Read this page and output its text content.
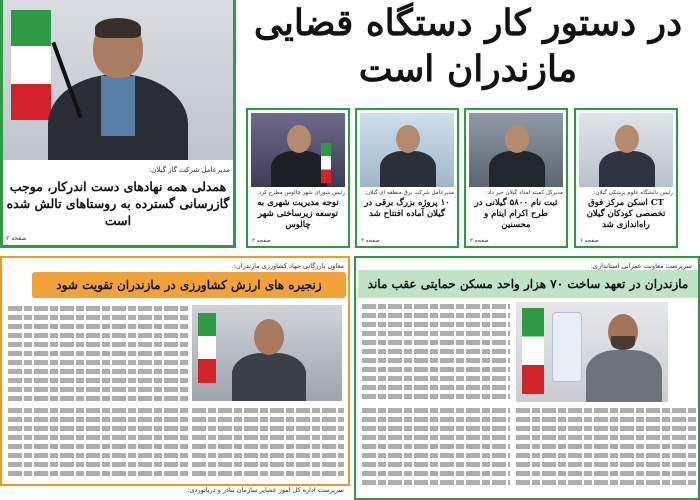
در دستور کار دستگاه قضایی
مازندران است
مدیرعامل شرکت گاز گیلان:
همدلی همه نهادهای دست اندرکار، موجب گازرسانی گسترده به روستاهای تالش شده است
صفحه ۲
رئیس دانشگاه علوم پزشکی گیلان:
CT اسکن مرکز فوق تخصصی کودکان گیلان راه‌اندازی شد
صفحه ۶
مدیرکل کمیته امداد گیلان خبر داد:
ثبت نام ۵۸۰۰ گیلانی در طرح اکرام ایتام و محسنین
صفحه ۲
مدیرعامل شرکت برق منطقه ای گیلان:
۱۰ پروژه بزرگ برقی در گیلان آماده افتتاح شد
صفحه ۲
رئیس شورای شهر چالوس مطرح کرد:
توجه مدیریت شهری به توسعه زیرساختی شهر چالوس
صفحه ۲
معاون بازرگانی جهاد کشاورزی مازندران:
زنجیره های ارزش کشاورزی در مازندران تقویت شود
سرپرست اداره کل امور عشایر سازمان بنادر و دریانوردی:
سرپرست معاونت عمرانی استانداری:
مازندران در تعهد ساخت ۷۰ هزار واحد مسکن حمایتی عقب ماند
